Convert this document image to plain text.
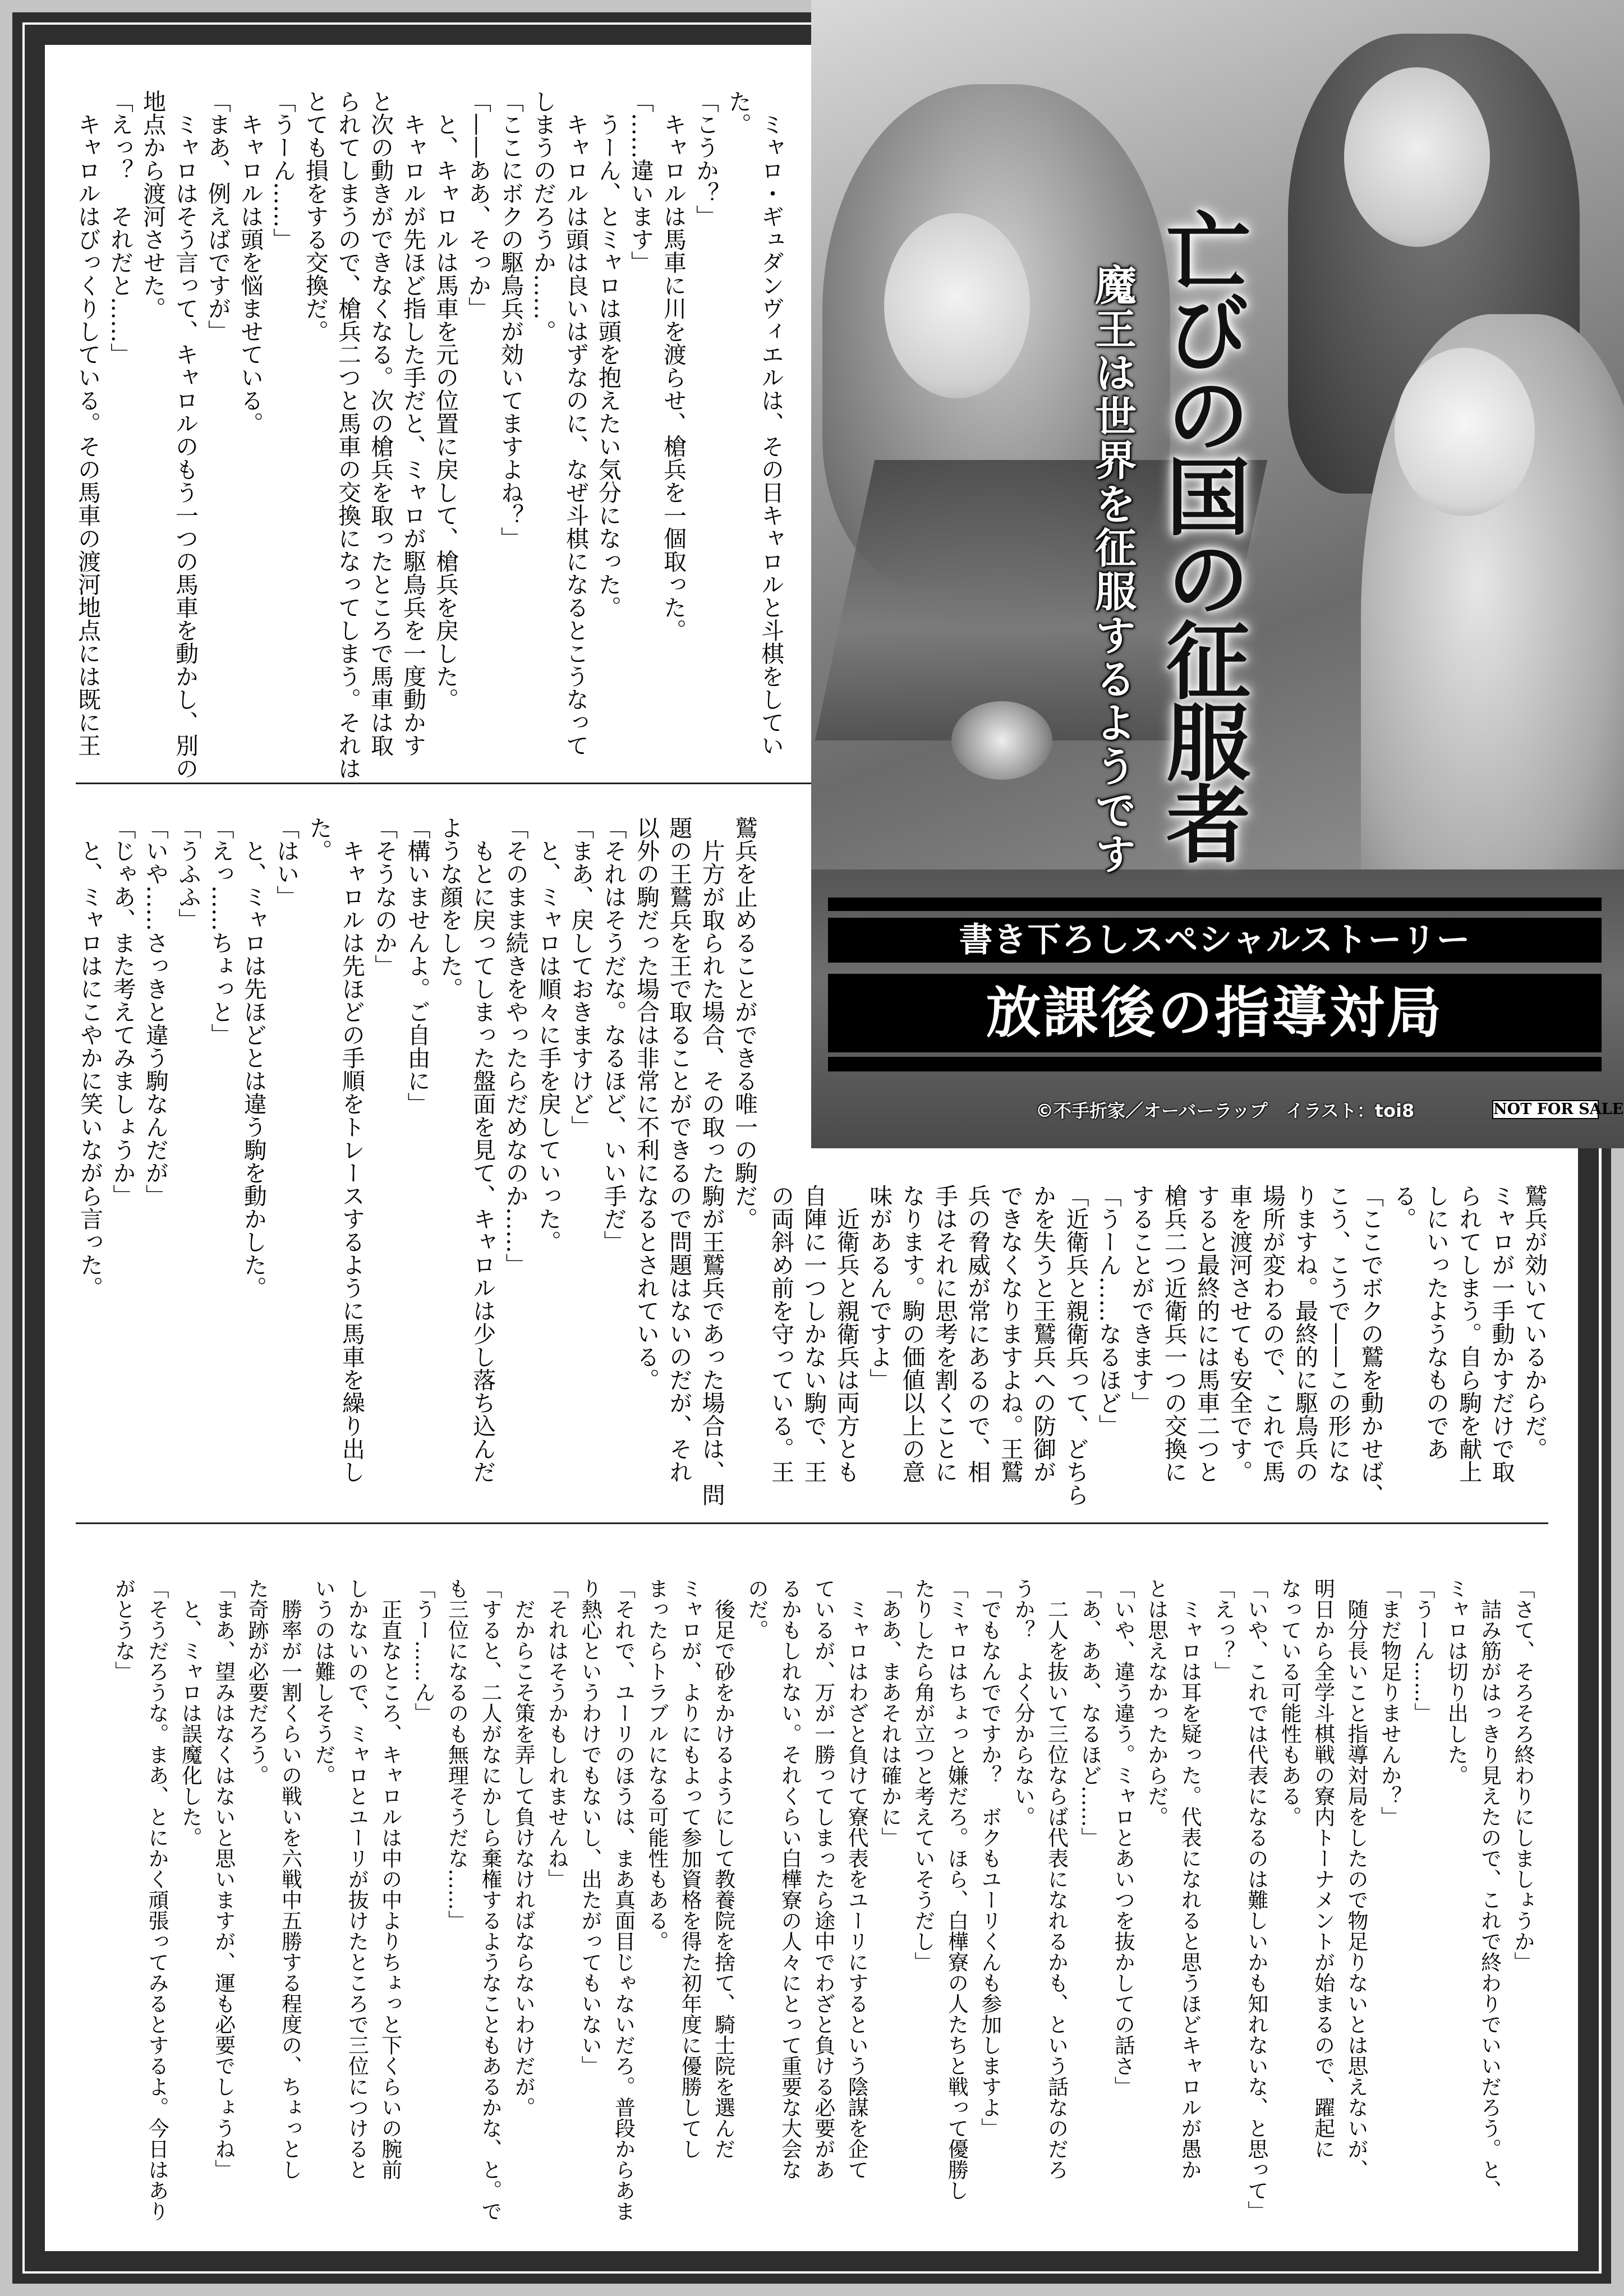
亡びの国の征服者
魔王は世界を征服するようです
書き下ろしスペシャルストーリー
放課後の指導対局
©不手折家／オーバーラップ　イラスト：toi8	NOT FOR SALE
　ミャロ・ギュダンヴィエルは、その日キャロルと斗棋をしてい
た。
「こうか？」
　キャロルは馬車に川を渡らせ、槍兵を一個取った。
「……違います」
　うーん、とミャロは頭を抱えたい気分になった。
　キャロルは頭は良いはずなのに、なぜ斗棋になるとこうなって
しまうのだろうか……。
「ここにボクの駆鳥兵が効いてますよね？」
「——ああ、そっか」
　と、キャロルは馬車を元の位置に戻して、槍兵を戻した。
　キャロルが先ほど指した手だと、ミャロが駆鳥兵を一度動かす
と次の動きができなくなる。次の槍兵を取ったところで馬車は取
られてしまうので、槍兵二つと馬車の交換になってしまう。それは
とても損をする交換だ。
「うーん……」
　キャロルは頭を悩ませている。
「まあ、例えばですが」
　ミャロはそう言って、キャロルのもう一つの馬車を動かし、別の
地点から渡河させた。
「えっ？　それだと……」
　キャロルはびっくりしている。その馬車の渡河地点には既に王
鷲兵を止めることができる唯一の駒だ。
　片方が取られた場合、その取った駒が王鷲兵であった場合は、問
題の王鷲兵を王で取ることができるので問題はないのだが、それ
以外の駒だった場合は非常に不利になるとされている。
「それはそうだな。なるほど、いい手だ」
「まあ、戻しておきますけど」
　と、ミャロは順々に手を戻していった。
「そのまま続きをやったらだめなのか……」
　もとに戻ってしまった盤面を見て、キャロルは少し落ち込んだ
ような顔をした。
「構いませんよ。ご自由に」
「そうなのか」
　キャロルは先ほどの手順をトレースするように馬車を繰り出し
た。
「はい」
　と、ミャロは先ほどとは違う駒を動かした。
「えっ……ちょっと」
「うふふ」
「いや……さっきと違う駒なんだが」
「じゃあ、また考えてみましょうか」
　と、ミャロはにこやかに笑いながら言った。
鷲兵が効いているからだ。
ミャロが一手動かすだけで取
られてしまう。自ら駒を献上
しにいったようなものであ
る。
「ここでボクの鷲を動かせば、
こう、こうで——この形にな
りますね。最終的に駆鳥兵の
場所が変わるので、これで馬
車を渡河させても安全です。
すると最終的には馬車二つと
槍兵二つ近衛兵一つの交換に
することができます」
「うーん……なるほど」
「近衛兵と親衛兵って、どちら
かを失うと王鷲兵への防御が
できなくなりますよね。王鷲
兵の脅威が常にあるので、相
手はそれに思考を割くことに
なります。駒の価値以上の意
味があるんですよ」
　近衛兵と親衛兵は両方とも
自陣に一つしかない駒で、王
の両斜め前を守っている。王
「さて、そろそろ終わりにしましょうか」
　詰み筋がはっきり見えたので、これで終わりでいいだろう。と、
ミャロは切り出した。
「うーん……」
「まだ物足りませんか？」
　随分長いこと指導対局をしたので物足りないとは思えないが、
明日から全学斗棋戦の寮内トーナメントが始まるので、躍起に
なっている可能性もある。
「いや、これでは代表になるのは難しいかも知れないな、と思って」
「えっ？」
　ミャロは耳を疑った。代表になれると思うほどキャロルが愚か
とは思えなかったからだ。
「いや、違う違う。ミャロとあいつを抜かしての話さ」
「あ、ああ、なるほど……」
　二人を抜いて三位ならば代表になれるかも、という話なのだろ
うか？　よく分からない。
「でもなんでですか？　ボクもユーリくんも参加しますよ」
「ミャロはちょっと嫌だろ。ほら、白樺寮の人たちと戦って優勝し
たりしたら角が立つと考えていそうだし」
「ああ、まあそれは確かに」
　ミャロはわざと負けて寮代表をユーリにするという陰謀を企て
ているが、万が一勝ってしまったら途中でわざと負ける必要があ
るかもしれない。それくらい白樺寮の人々にとって重要な大会な
のだ。
　後足で砂をかけるようにして教養院を捨て、騎士院を選んだ
ミャロが、よりにもよって参加資格を得た初年度に優勝してし
まったらトラブルになる可能性もある。
「それで、ユーリのほうは、まあ真面目じゃないだろ。普段からあま
り熱心というわけでもないし、出たがってもいない」
「それはそうかもしれませんね」
　だからこそ策を弄して負けなければならないわけだが。
「すると、二人がなにかしら棄権するようなこともあるかな、と。で
も三位になるのも無理そうだな……」
「うー……ん」
　正直なところ、キャロルは中の中よりちょっと下くらいの腕前
しかないので、ミャロとユーリが抜けたところで三位につけると
いうのは難しそうだ。
　勝率が一割くらいの戦いを六戦中五勝する程度の、ちょっとし
た奇跡が必要だろう。
「まあ、望みはなくはないと思いますが、運も必要でしょうね」
　と、ミャロは誤魔化した。
「そうだろうな。まあ、とにかく頑張ってみるとするよ。今日はあり
がとうな」
